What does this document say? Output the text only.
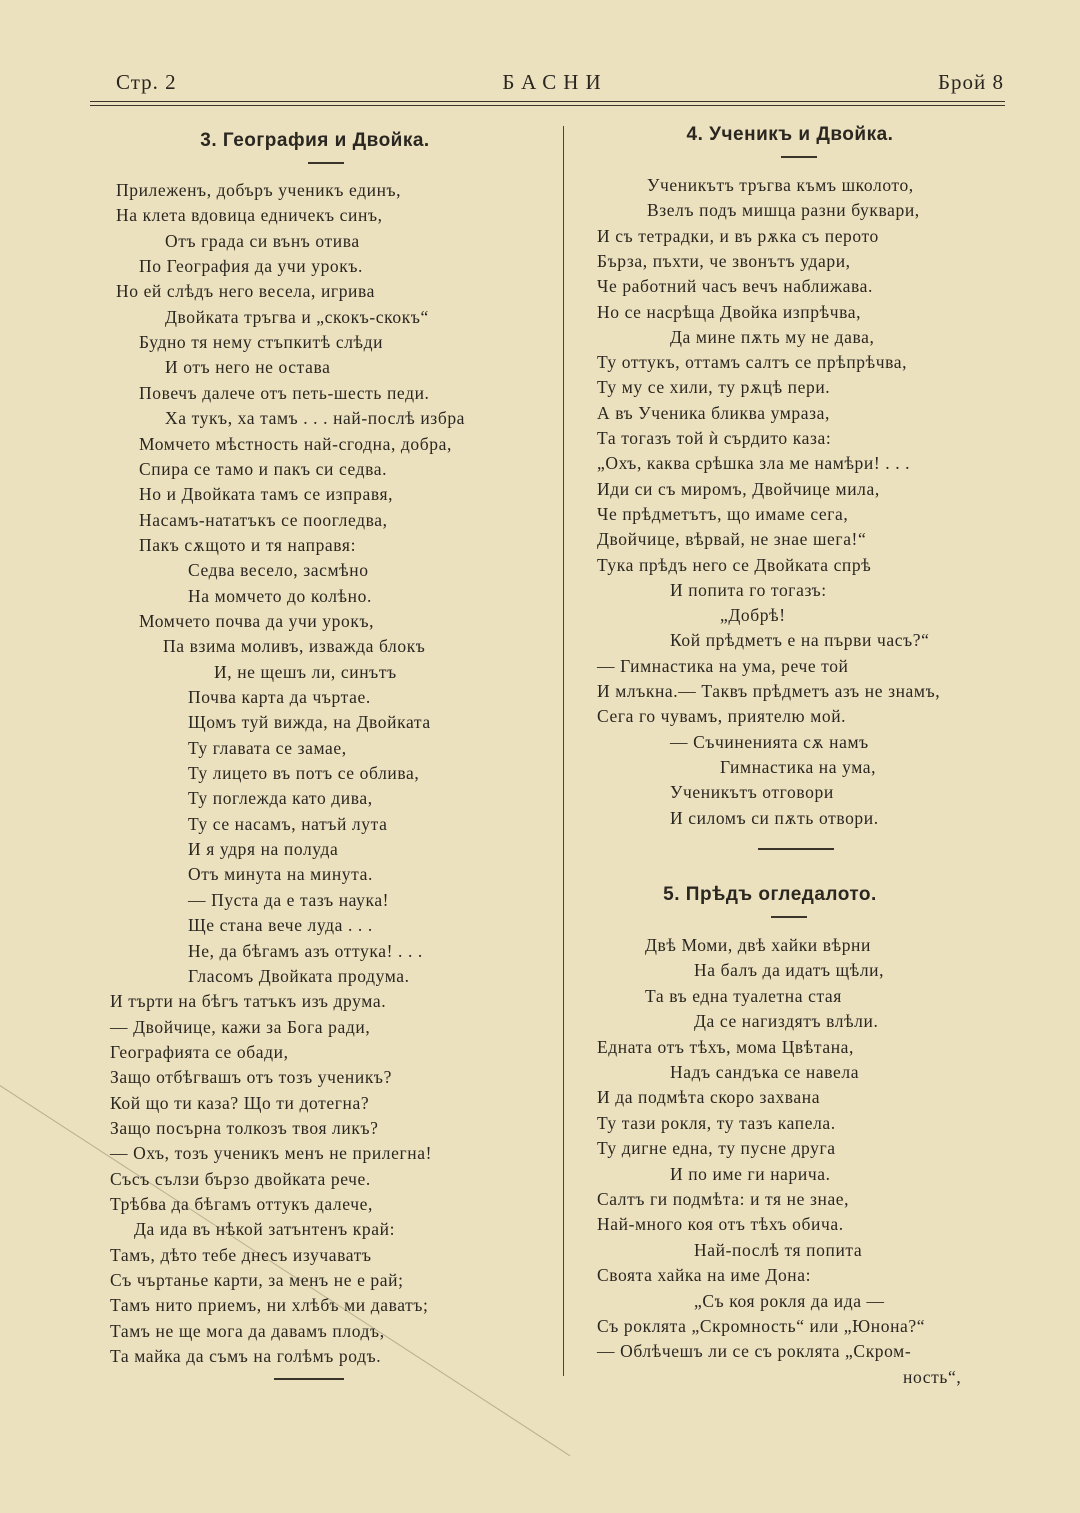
Стр. 2	БАСНИ	Брой 8
3. География и Двойка.
Прилеженъ, добъръ ученикъ единъ,
На клета вдовица едничекъ синъ,
Отъ града си вънъ отива
По География да учи урокъ.
Но ей слѣдъ него весела, игрива
Двойката тръгва и „скокъ-скокъ“
Будно тя нему стъпкитѣ слѣди
И отъ него не остава
Повечъ далече отъ петь-шесть педи.
Ха тукъ, ха тамъ . . . най-послѣ избра
Момчето мѣстность най-сгодна, добра,
Спира се тамо и пакъ си седва.
Но и Двойката тамъ се изправя,
Насамъ-нататъкъ се поогледва,
Пакъ сѫщото и тя направя:
Седва весело, засмѣно
На момчето до колѣно.
Момчето почва да учи урокъ,
Па взима моливъ, изважда блокъ
И, не щешъ ли, синътъ
Почва карта да чъртае.
Щомъ туй вижда, на Двойката
Ту главата се замае,
Ту лицето въ потъ се облива,
Ту поглежда като дива,
Ту се насамъ, натъй лута
И я удря на полуда
Отъ минута на минута.
— Пуста да е тазъ наука!
Ще стана вече луда . . .
Не, да бѣгамъ азъ оттука! . . .
Гласомъ Двойката продума.
И търти на бѣгъ татъкъ изъ друма.
— Двойчице, кажи за Бога ради,
Географията се обади,
Защо отбѣгвашъ отъ тозъ ученикъ?
Кой що ти каза? Що ти дотегна?
Защо посърна толкозъ твоя ликъ?
— Охъ, тозъ ученикъ менъ не прилегна!
Съсъ сълзи бързо двойката рече.
Трѣбва да бѣгамъ оттукъ далече,
Да ида въ нѣкой затънтенъ край:
Тамъ, дѣто тебе днесъ изучаватъ
Съ чъртанье карти, за менъ не е рай;
Тамъ нито приемъ, ни хлѣбъ ми даватъ;
Тамъ не ще мога да давамъ плодъ,
Та майка да съмъ на голѣмъ родъ.
4. Ученикъ и Двойка.
Ученикътъ тръгва къмъ школото,
Взелъ подъ мишца разни буквари,
И съ тетрадки, и въ рѫка съ перото
Бърза, пъхти, че звонътъ удари,
Че работний часъ вечъ наближава.
Но се насрѣща Двойка изпрѣчва,
Да мине пѫть му не дава,
Ту оттукъ, оттамъ салтъ се прѣпрѣчва,
Ту му се хили, ту рѫцѣ пери.
А въ Ученика бликва умраза,
Та тогазъ той ѝ сърдито каза:
„Охъ, каква срѣшка зла ме намѣри! . . .
Иди си съ миромъ, Двойчице мила,
Че прѣдметътъ, що имаме сега,
Двойчице, вѣрвай, не знае шега!“
Тука прѣдъ него се Двойката спрѣ
И попита го тогазъ:
„Добрѣ!
Кой прѣдметъ е на първи часъ?“
— Гимнастика на ума, рече той
И млъкна.— Таквъ прѣдметъ азъ не знамъ,
Сега го чувамъ, приятелю мой.
— Съчиненията сѫ намъ
Гимнастика на ума,
Ученикътъ отговори
И силомъ си пѫть отвори.
5. Прѣдъ огледалото.
Двѣ Моми, двѣ хайки вѣрни
На балъ да идатъ щѣли,
Та въ една туалетна стая
Да се нагиздятъ влѣли.
Едната отъ тѣхъ, мома Цвѣтана,
Надъ сандъка се навела
И да подмѣта скоро захвана
Ту тази рокля, ту тазъ капела.
Ту дигне една, ту пусне друга
И по име ги нарича.
Салтъ ги подмѣта: и тя не знае,
Най-много коя отъ тѣхъ обича.
Най-послѣ тя попита
Своята хайка на име Дона:
„Съ коя рокля да ида —
Съ роклята „Скромность“ или „Юнона?“
— Облѣчешъ ли се съ роклята „Скром-
ность“,
